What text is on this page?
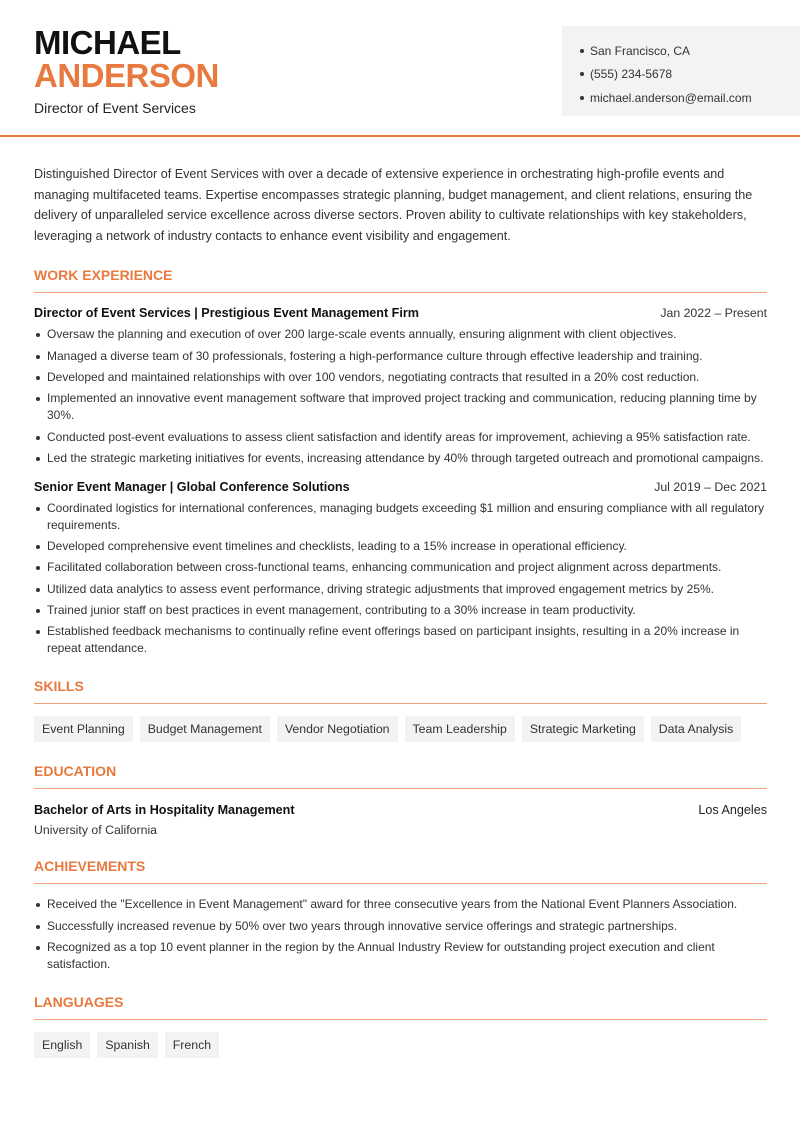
MICHAEL
ANDERSON
Director of Event Services
San Francisco, CA
(555) 234-5678
michael.anderson@email.com

Distinguished Director of Event Services with over a decade of extensive experience in orchestrating high-profile events and managing multifaceted teams. Expertise encompasses strategic planning, budget management, and client relations, ensuring the delivery of unparalleled service excellence across diverse sectors. Proven ability to cultivate relationships with key stakeholders, leveraging a network of industry contacts to enhance event visibility and engagement.

WORK EXPERIENCE
Director of Event Services | Prestigious Event Management Firm	Jan 2022 – Present
Oversaw the planning and execution of over 200 large-scale events annually, ensuring alignment with client objectives.
Managed a diverse team of 30 professionals, fostering a high-performance culture through effective leadership and training.
Developed and maintained relationships with over 100 vendors, negotiating contracts that resulted in a 20% cost reduction.
Implemented an innovative event management software that improved project tracking and communication, reducing planning time by 30%.
Conducted post-event evaluations to assess client satisfaction and identify areas for improvement, achieving a 95% satisfaction rate.
Led the strategic marketing initiatives for events, increasing attendance by 40% through targeted outreach and promotional campaigns.
Senior Event Manager | Global Conference Solutions	Jul 2019 – Dec 2021
Coordinated logistics for international conferences, managing budgets exceeding $1 million and ensuring compliance with all regulatory requirements.
Developed comprehensive event timelines and checklists, leading to a 15% increase in operational efficiency.
Facilitated collaboration between cross-functional teams, enhancing communication and project alignment across departments.
Utilized data analytics to assess event performance, driving strategic adjustments that improved engagement metrics by 25%.
Trained junior staff on best practices in event management, contributing to a 30% increase in team productivity.
Established feedback mechanisms to continually refine event offerings based on participant insights, resulting in a 20% increase in repeat attendance.
SKILLS
Event Planning	Budget Management	Vendor Negotiation	Team Leadership	Strategic Marketing	Data Analysis
EDUCATION
Bachelor of Arts in Hospitality Management	Los Angeles
University of California
ACHIEVEMENTS
Received the "Excellence in Event Management" award for three consecutive years from the National Event Planners Association.
Successfully increased revenue by 50% over two years through innovative service offerings and strategic partnerships.
Recognized as a top 10 event planner in the region by the Annual Industry Review for outstanding project execution and client satisfaction.
LANGUAGES
English	Spanish	French
